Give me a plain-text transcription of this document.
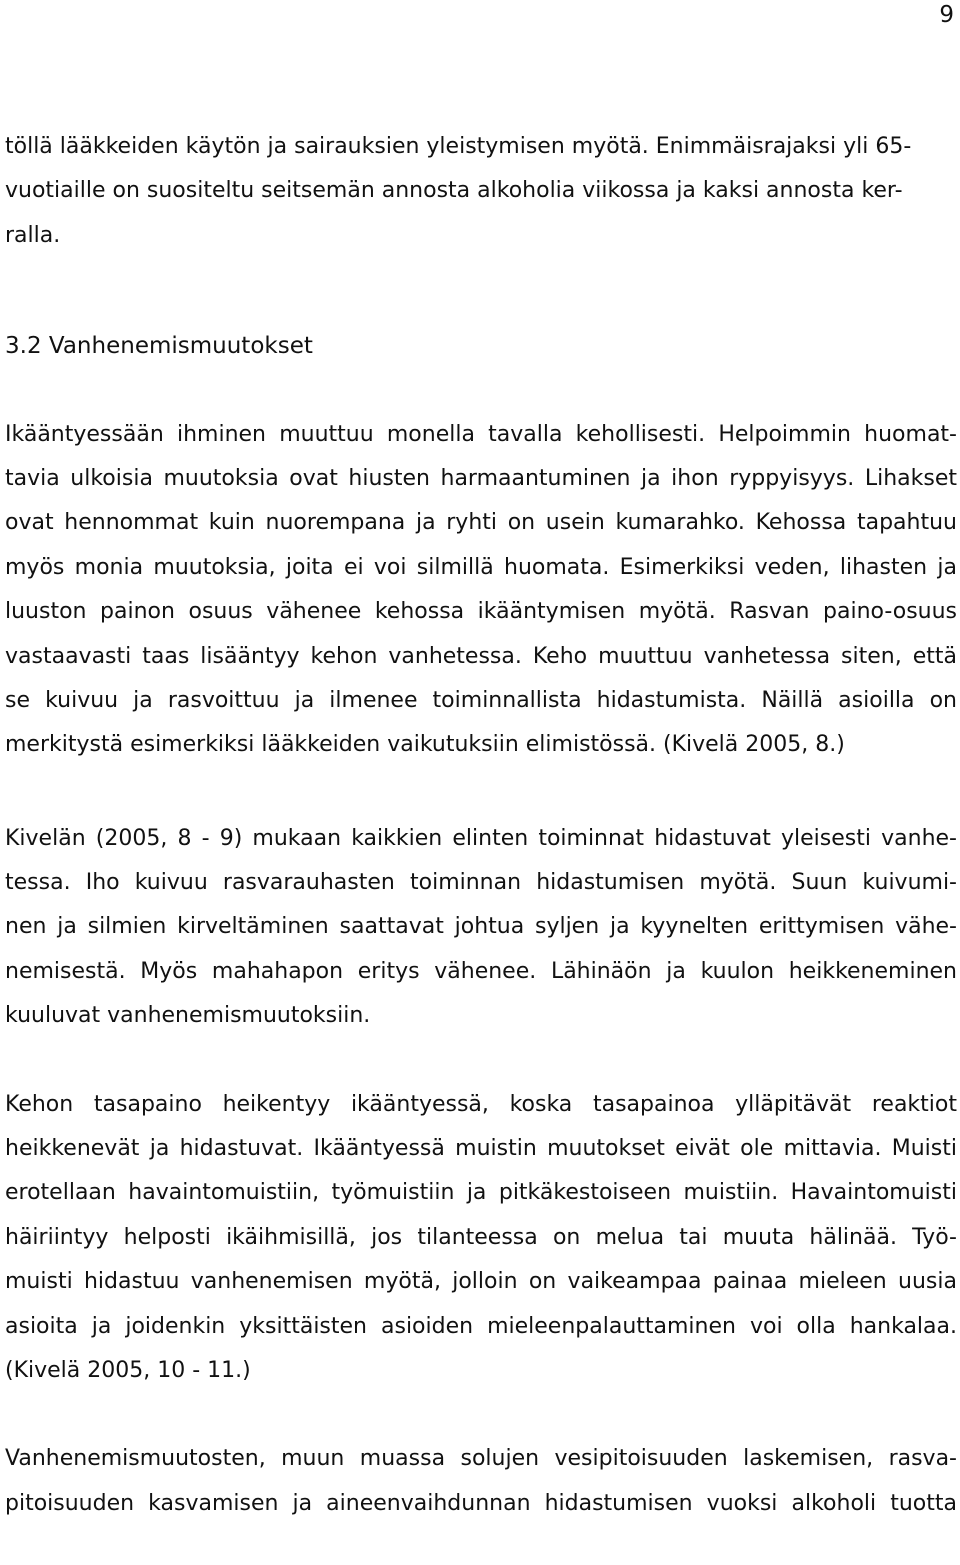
9
töllä lääkkeiden käytön ja sairauksien yleistymisen myötä. Enimmäisrajaksi yli 65-
vuotiaille on suositeltu seitsemän annosta alkoholia viikossa ja kaksi annosta ker-
ralla.
3.2 Vanhenemismuutokset
Ikääntyessään ihminen muuttuu monella tavalla kehollisesti. Helpoimmin huomat-
tavia ulkoisia muutoksia ovat hiusten harmaantuminen ja ihon ryppyisyys. Lihakset
ovat hennommat kuin nuorempana ja ryhti on usein kumarahko. Kehossa tapahtuu
myös monia muutoksia, joita ei voi silmillä huomata. Esimerkiksi veden, lihasten ja
luuston painon osuus vähenee kehossa ikääntymisen myötä. Rasvan paino-osuus
vastaavasti taas lisääntyy kehon vanhetessa. Keho muuttuu vanhetessa siten, että
se kuivuu ja rasvoittuu ja ilmenee toiminnallista hidastumista. Näillä asioilla on
merkitystä esimerkiksi lääkkeiden vaikutuksiin elimistössä. (Kivelä 2005, 8.)
Kivelän (2005, 8 - 9) mukaan kaikkien elinten toiminnat hidastuvat yleisesti vanhe-
tessa. Iho kuivuu rasvarauhasten toiminnan hidastumisen myötä. Suun kuivumi-
nen ja silmien kirveltäminen saattavat johtua syljen ja kyynelten erittymisen vähe-
nemisestä. Myös mahahapon eritys vähenee. Lähinäön ja kuulon heikkeneminen
kuuluvat vanhenemismuutoksiin.
Kehon tasapaino heikentyy ikääntyessä, koska tasapainoa ylläpitävät reaktiot
heikkenevät ja hidastuvat. Ikääntyessä muistin muutokset eivät ole mittavia. Muisti
erotellaan havaintomuistiin, työmuistiin ja pitkäkestoiseen muistiin. Havaintomuisti
häiriintyy helposti ikäihmisillä, jos tilanteessa on melua tai muuta hälinää. Työ-
muisti hidastuu vanhenemisen myötä, jolloin on vaikeampaa painaa mieleen uusia
asioita ja joidenkin yksittäisten asioiden mieleenpalauttaminen voi olla hankalaa.
(Kivelä 2005, 10 - 11.)
Vanhenemismuutosten, muun muassa solujen vesipitoisuuden laskemisen, rasva-
pitoisuuden kasvamisen ja aineenvaihdunnan hidastumisen vuoksi alkoholi tuotta
